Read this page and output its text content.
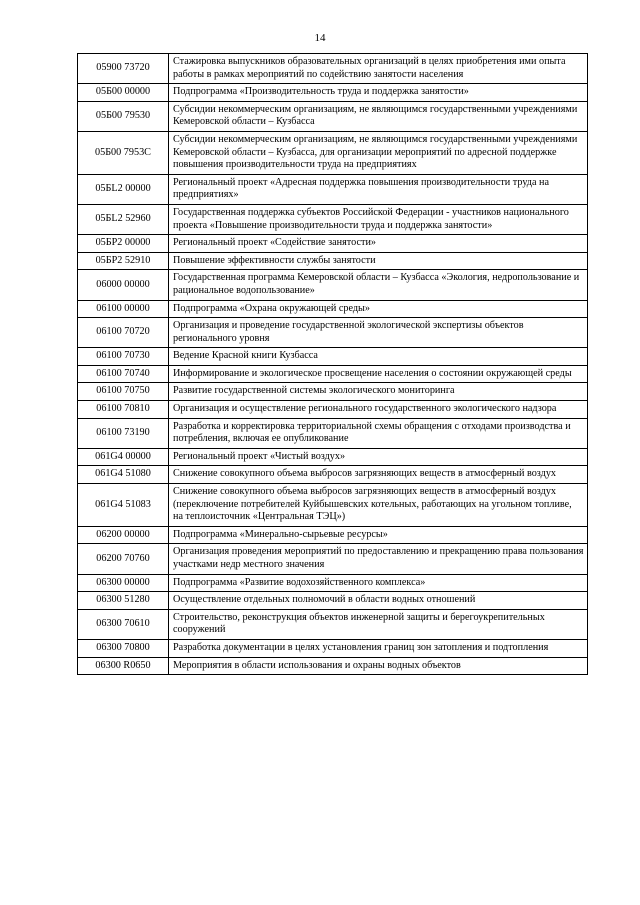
14
05900 73720	Стажировка выпускников образовательных организаций в целях приобретения ими опыта работы в рамках мероприятий по содействию занятости населения
05Б00 00000	Подпрограмма «Производительность труда и поддержка занятости»
05Б00 79530	Субсидии некоммерческим организациям, не являющимся государственными учреждениями Кемеровской области – Кузбасса
05Б00 7953С	Субсидии некоммерческим организациям, не являющимся государственными учреждениями Кемеровской области – Кузбасса, для организации мероприятий по адресной поддержке повышения производительности труда на предприятиях
05БL2 00000	Региональный проект «Адресная поддержка повышения производительности труда на предприятиях»
05БL2 52960	Государственная поддержка субъектов Российской Федерации - участников национального проекта «Повышение производительности труда и поддержка занятости»
05БР2 00000	Региональный проект «Содействие занятости»
05БР2 52910	Повышение эффективности службы занятости
06000 00000	Государственная программа Кемеровской области – Кузбасса «Экология, недропользование и рациональное водопользование»
06100 00000	Подпрограмма «Охрана окружающей среды»
06100 70720	Организация и проведение государственной экологической экспертизы объектов регионального уровня
06100 70730	Ведение Красной книги Кузбасса
06100 70740	Информирование и экологическое просвещение населения о состоянии окружающей среды
06100 70750	Развитие государственной системы экологического мониторинга
06100 70810	Организация и осуществление регионального государственного экологического надзора
06100 73190	Разработка и корректировка территориальной схемы обращения с отходами производства и потребления, включая ее опубликование
061G4 00000	Региональный проект «Чистый воздух»
061G4 51080	Снижение совокупного объема выбросов загрязняющих веществ в атмосферный воздух
061G4 51083	Снижение совокупного объема выбросов загрязняющих веществ в атмосферный воздух (переключение потребителей Куйбышевских котельных, работающих на угольном топливе, на теплоисточник «Центральная ТЭЦ»)
06200 00000	Подпрограмма «Минерально-сырьевые ресурсы»
06200 70760	Организация проведения мероприятий по предоставлению и прекращению права пользования участками недр местного значения
06300 00000	Подпрограмма «Развитие водохозяйственного комплекса»
06300 51280	Осуществление отдельных полномочий в области водных отношений
06300 70610	Строительство, реконструкция объектов инженерной защиты и берегоукрепительных сооружений
06300 70800	Разработка документации в целях установления границ зон затопления и подтопления
06300 R0650	Мероприятия в области использования и охраны водных объектов
